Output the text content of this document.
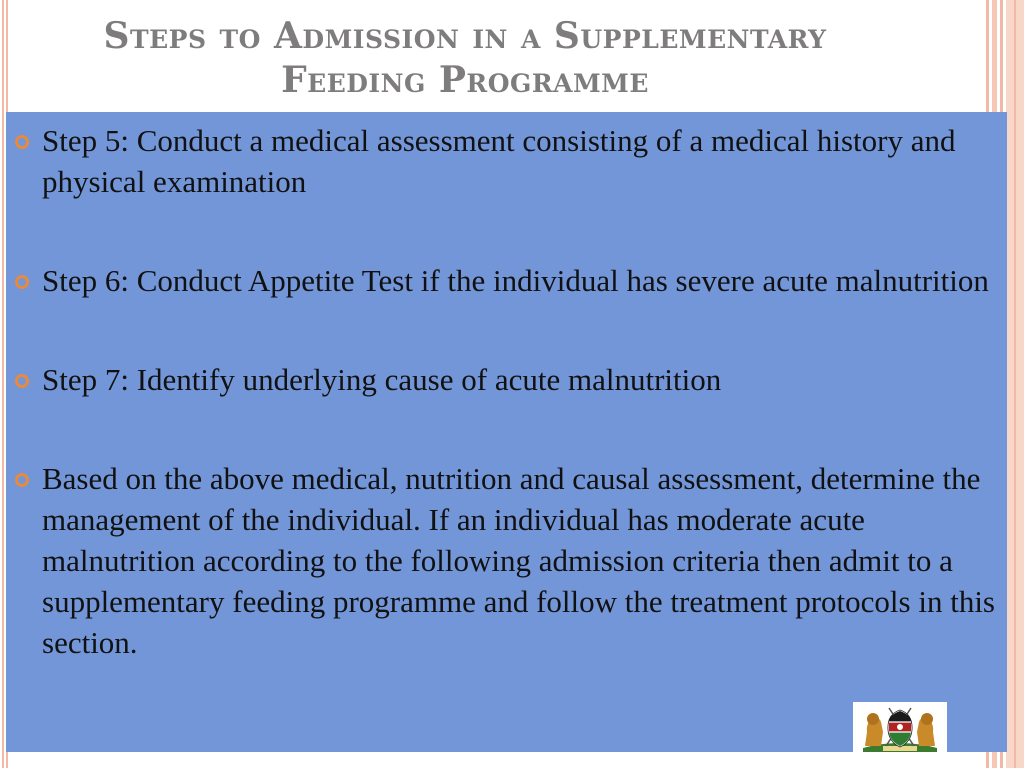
Steps to Admission in a Supplementary
Feeding Programme
Step 5: Conduct a medical assessment consisting of a medical history and physical examination
Step 6: Conduct Appetite Test if the individual has severe acute malnutrition
Step 7: Identify underlying cause of acute malnutrition
Based on the above medical, nutrition and causal assessment, determine the management of the individual. If an individual has moderate acute malnutrition according to the following admission criteria then admit to a supplementary feeding programme and follow the treatment protocols in this section.
